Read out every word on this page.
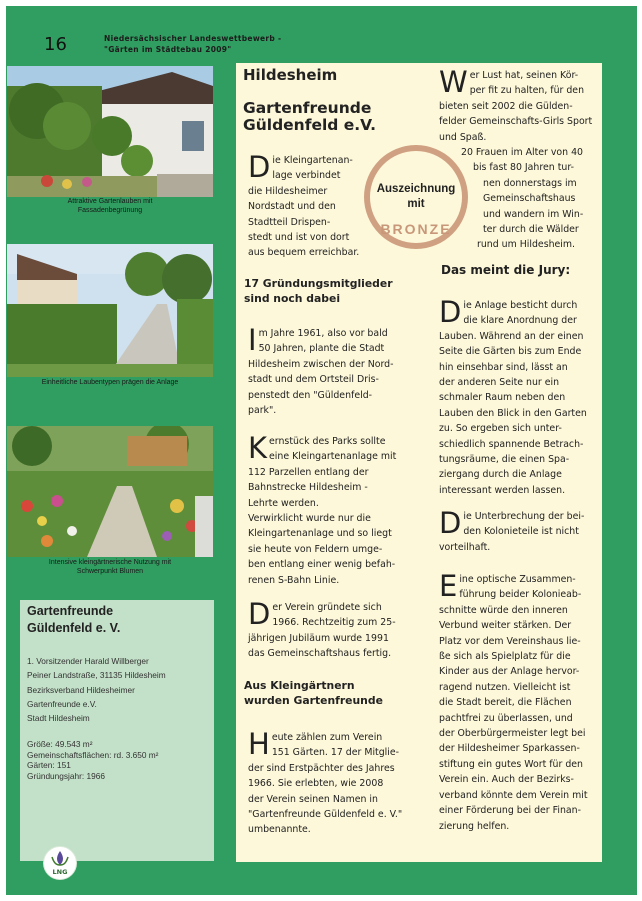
16	Niedersächsischer Landeswettbewerb -
"Gärten im Städtebau 2009"
Attraktive Gartenlauben mit
Fassadenbegrünung
Einheitliche Laubentypen prägen die Anlage
Intensive kleingärtnerische Nutzung mit
Schwerpunkt Blumen
Gartenfreunde
Güldenfeld e. V.
1. Vorsitzender Harald Willberger
Peiner Landstraße, 31135 Hildesheim
Bezirksverband Hildesheimer
Gartenfreunde e.V.
Stadt Hildesheim
Größe: 49.543 m²
Gemeinschaftsflächen: rd. 3.650 m²
Gärten: 151
Gründungsjahr: 1966
LNG
Hildesheim
Gartenfreunde
Güldenfeld e.V.
D ie Kleingartenan-
lage verbindet
die Hildesheimer
Nordstadt und den
Stadtteil Drispen-
stedt und ist von dort
aus bequem erreichbar.
Auszeichnung
mit
BRONZE
17 Gründungsmitglieder
sind noch dabei
I m Jahre 1961, also vor bald
50 Jahren, plante die Stadt
Hildesheim zwischen der Nord-
stadt und dem Ortsteil Dris-
penstedt den "Güldenfeld-
park".
K ernstück des Parks sollte
eine Kleingartenanlage mit
112 Parzellen entlang der
Bahnstrecke Hildesheim -
Lehrte werden.
Verwirklicht wurde nur die
Kleingartenanlage und so liegt
sie heute von Feldern umge-
ben entlang einer wenig befah-
renen S-Bahn Linie.
D er Verein gründete sich
1966. Rechtzeitig zum 25-
jährigen Jubiläum wurde 1991
das Gemeinschaftshaus fertig.
Aus Kleingärtnern
wurden Gartenfreunde
H eute zählen zum Verein
151 Gärten. 17 der Mitglie-
der sind Erstpächter des Jahres
1966. Sie erlebten, wie 2008
der Verein seinen Namen in
"Gartenfreunde Güldenfeld e. V."
umbenannte.
W er Lust hat, seinen Kör-
per fit zu halten, für den
bieten seit 2002 die Gülden-
felder Gemeinschafts-Girls Sport
und Spaß.
20 Frauen im Alter von 40
bis fast 80 Jahren tur-
nen donnerstags im
Gemeinschaftshaus
und wandern im Win-
ter durch die Wälder
rund um Hildesheim.
Das meint die Jury:
D ie Anlage besticht durch
die klare Anordnung der
Lauben. Während an der einen
Seite die Gärten bis zum Ende
hin einsehbar sind, lässt an
der anderen Seite nur ein
schmaler Raum neben den
Lauben den Blick in den Garten
zu. So ergeben sich unter-
schiedlich spannende Betrach-
tungsräume, die einen Spa-
ziergang durch die Anlage
interessant werden lassen.
D ie Unterbrechung der bei-
den Kolonieteile ist nicht
vorteilhaft.
E ine optische Zusammen-
führung beider Kolonieab-
schnitte würde den inneren
Verbund weiter stärken. Der
Platz vor dem Vereinshaus lie-
ße sich als Spielplatz für die
Kinder aus der Anlage hervor-
ragend nutzen. Vielleicht ist
die Stadt bereit, die Flächen
pachtfrei zu überlassen, und
der Oberbürgermeister legt bei
der Hildesheimer Sparkassen-
stiftung ein gutes Wort für den
Verein ein. Auch der Bezirks-
verband könnte dem Verein mit
einer Förderung bei der Finan-
zierung helfen.
